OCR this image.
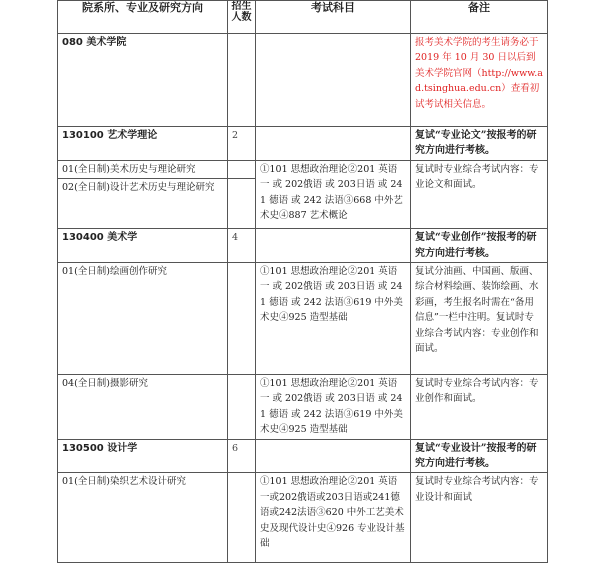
院系所、专业及研究方向	招生人数	考试科目	备注
080 美术学院			报考美术学院的考生请务必于 2019 年 10 月 30 日以后到美术学院官网（http://www.ad.tsinghua.edu.cn）查看初试考试相关信息。
130100 艺术学理论	2		复试“专业论文”按报考的研究方向进行考核。
01(全日制)美术历史与理论研究		①101 思想政治理论②201 英语一 或 202俄语 或 203日语 或 241 德语 或 242 法语③668 中外艺术史④887 艺术概论	复试时专业综合考试内容：专业论文和面试。
02(全日制)设计艺术历史与理论研究			
130400 美术学	4		复试“专业创作”按报考的研究方向进行考核。
01(全日制)绘画创作研究		①101 思想政治理论②201 英语一 或 202俄语 或 203日语 或 241 德语 或 242 法语③619 中外美术史④925 造型基础	复试分油画、中国画、版画、综合材料绘画、装饰绘画、水彩画，考生报名时需在“备用信息”一栏中注明。复试时专业综合考试内容：专业创作和面试。
04(全日制)摄影研究		①101 思想政治理论②201 英语一 或 202俄语 或 203日语 或 241 德语 或 242 法语③619 中外美术史④925 造型基础	复试时专业综合考试内容：专业创作和面试。
130500 设计学	6		复试“专业设计”按报考的研究方向进行考核。
01(全日制)染织艺术设计研究		①101 思想政治理论②201 英语一或202俄语或203日语或241德语或242法语③620 中外工艺美术史及现代设计史④926 专业设计基础	复试时专业综合考试内容：专业设计和面试
